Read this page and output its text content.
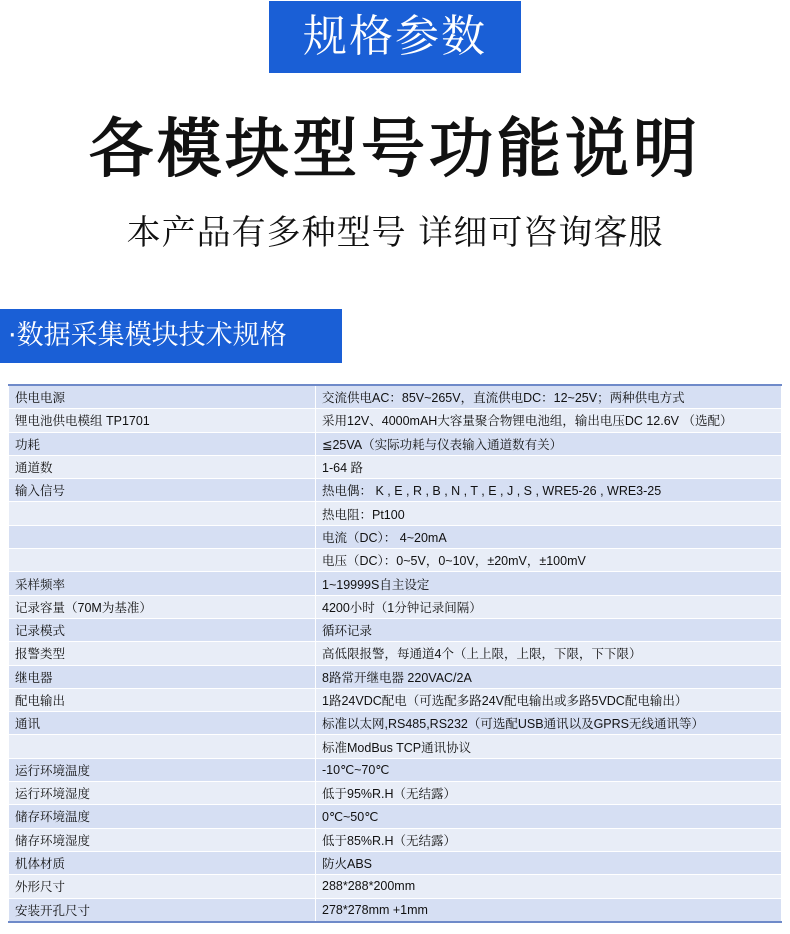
规格参数
各模块型号功能说明
本产品有多种型号 详细可咨询客服
·数据采集模块技术规格
供电电源	交流供电AC：85V~265V，直流供电DC：12~25V；两种供电方式
锂电池供电模组 TP1701	采用12V、4000mAH大容量聚合物锂电池组，输出电压DC 12.6V （选配）
功耗	≦25VA（实际功耗与仪表输入通道数有关）
通道数	1-64 路
输入信号	热电偶： K , E , R , B , N , T , E , J , S , WRE5-26 , WRE3-25
	热电阻：Pt100
	电流（DC）： 4~20mA
	电压（DC）：0~5V，0~10V，±20mV，±100mV
采样频率	1~19999S自主设定
记录容量（70M为基准）	4200小时（1分钟记录间隔）
记录模式	循环记录
报警类型	高低限报警，每通道4个（上上限，上限，下限，下下限）
继电器	8路常开继电器 220VAC/2A
配电输出	1路24VDC配电（可选配多路24V配电输出或多路5VDC配电输出）
通讯	标准以太网,RS485,RS232（可选配USB通讯以及GPRS无线通讯等）
	标准ModBus TCP通讯协议
运行环境温度	-10℃~70℃
运行环境湿度	低于95%R.H（无结露）
储存环境温度	0℃~50℃
储存环境湿度	低于85%R.H（无结露）
机体材质	防火ABS
外形尺寸	288*288*200mm
安装开孔尺寸	278*278mm +1mm
